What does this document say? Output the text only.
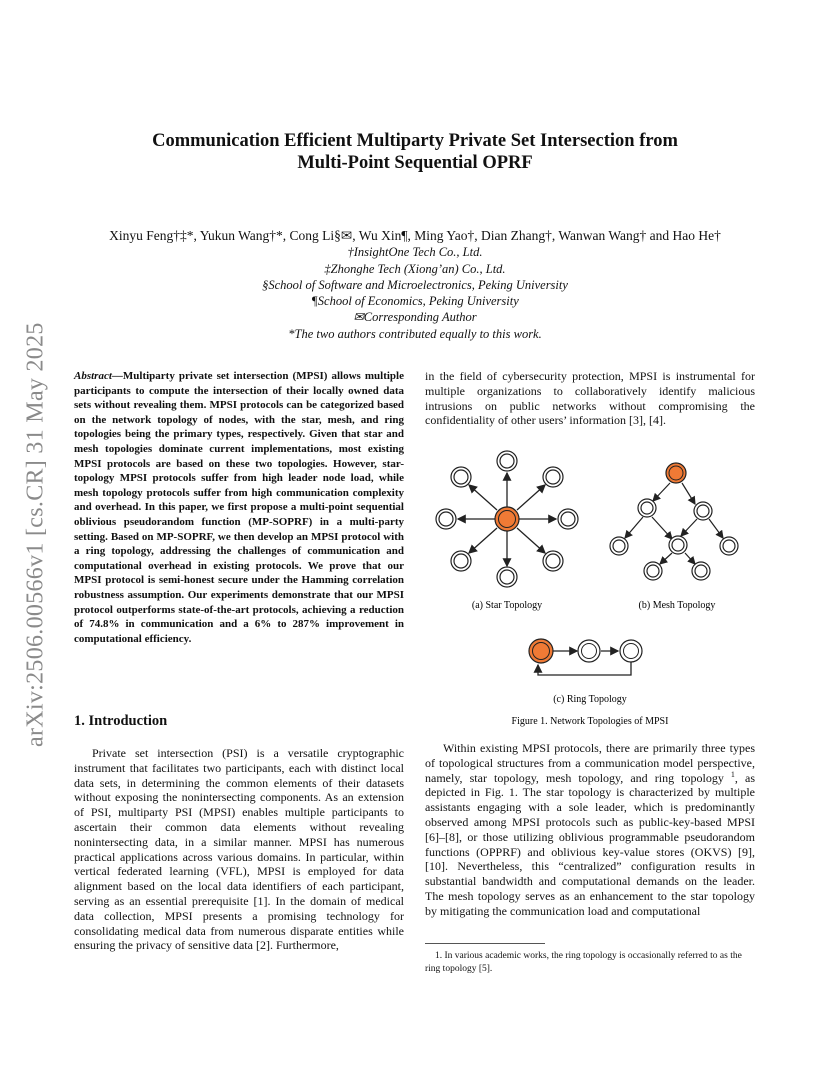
arXiv:2506.00566v1 [cs.CR] 31 May 2025
Communication Efficient Multiparty Private Set Intersection from
Multi-Point Sequential OPRF
Xinyu Feng†‡*, Yukun Wang†*, Cong Li§✉, Wu Xin¶, Ming Yao†, Dian Zhang†, Wanwan Wang† and Hao He†
†InsightOne Tech Co., Ltd.
‡Zhonghe Tech (Xiong’an) Co., Ltd.
§School of Software and Microelectronics, Peking University
¶School of Economics, Peking University
✉Corresponding Author
*The two authors contributed equally to this work.
Abstract—Multiparty private set intersection (MPSI) allows multiple participants to compute the intersection of their locally owned data sets without revealing them. MPSI protocols can be categorized based on the network topology of nodes, with the star, mesh, and ring topologies being the primary types, respectively. Given that star and mesh topologies dominate current implementations, most existing MPSI protocols are based on these two topologies. However, star-topology MPSI protocols suffer from high leader node load, while mesh topology protocols suffer from high communication complexity and overhead. In this paper, we first propose a multi-point sequential oblivious pseudorandom function (MP-SOPRF) in a multi-party setting. Based on MP-SOPRF, we then develop an MPSI protocol with a ring topology, addressing the challenges of communication and computational overhead in existing protocols. We prove that our MPSI protocol is semi-honest secure under the Hamming correlation robustness assumption. Our experiments demonstrate that our MPSI protocol outperforms state-of-the-art protocols, achieving a reduction of 74.8% in communication and a 6% to 287% improvement in computational efficiency.
1. Introduction
Private set intersection (PSI) is a versatile cryptographic instrument that facilitates two participants, each with distinct local data sets, in determining the common elements of their datasets without exposing the nonintersecting components. As an extension of PSI, multiparty PSI (MPSI) enables multiple participants to ascertain their common data elements without revealing nonintersecting data, in a similar manner. MPSI has numerous practical applications across various domains. In particular, within vertical federated learning (VFL), MPSI is employed for data alignment based on the local data identifiers of each participant, serving as an essential prerequisite [1]. In the domain of medical data collection, MPSI presents a promising technology for consolidating medical data from numerous disparate entities while ensuring the privacy of sensitive data [2]. Furthermore,
in the field of cybersecurity protection, MPSI is instrumental for multiple organizations to collaboratively identify malicious intrusions on public networks without compromising the confidentiality of other users’ information [3], [4].
(a) Star Topology	(b) Mesh Topology
(c) Ring Topology
Figure 1. Network Topologies of MPSI
Within existing MPSI protocols, there are primarily three types of topological structures from a communication model perspective, namely, star topology, mesh topology, and ring topology $^1$, as depicted in Fig. 1. The star topology is characterized by multiple assistants engaging with a sole leader, which is predominantly observed among MPSI protocols such as public-key-based MPSI [6]–[8], or those utilizing oblivious programmable pseudorandom functions (OPPRF) and oblivious key-value stores (OKVS) [9], [10]. Nevertheless, this “centralized” configuration results in substantial bandwidth and computational demands on the leader. The mesh topology serves as an enhancement to the star topology by mitigating the communication load and computational
1. In various academic works, the ring topology is occasionally referred to as the ring topology [5].
